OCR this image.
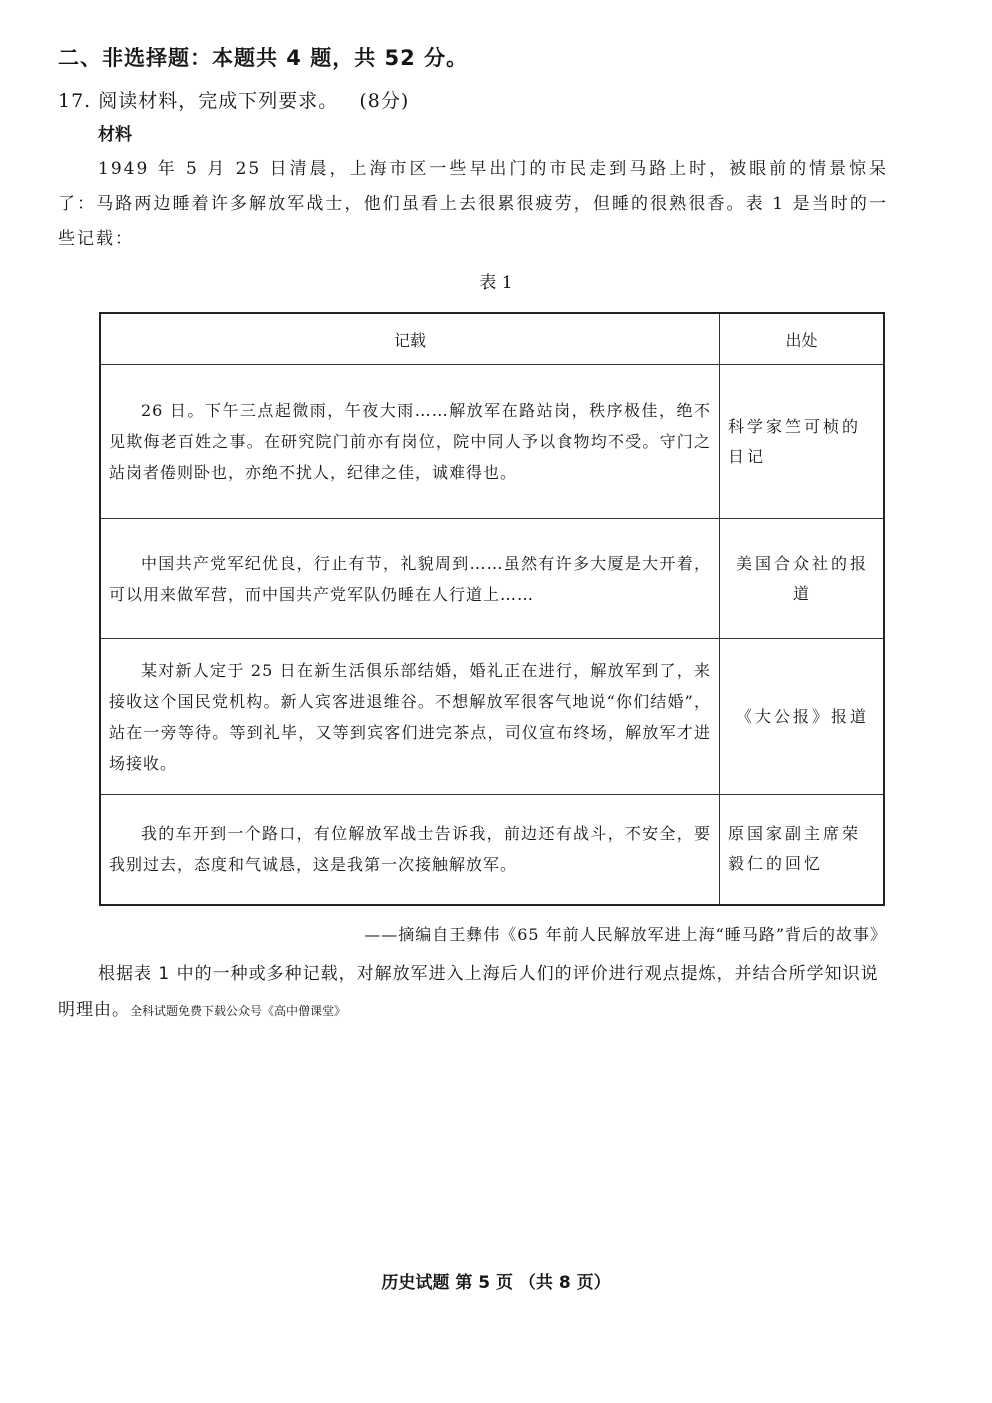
二、非选择题：本题共 4 题，共 52 分。
17. 阅读材料，完成下列要求。 (8分)
材料
1949 年 5 月 25 日清晨，上海市区一些早出门的市民走到马路上时，被眼前的情景惊呆了：马路两边睡着许多解放军战士，他们虽看上去很累很疲劳，但睡的很熟很香。表 1 是当时的一些记载：
表 1
记载	出处
26 日。下午三点起微雨，午夜大雨……解放军在路站岗，秩序极佳，绝不见欺侮老百姓之事。在研究院门前亦有岗位，院中同人予以食物均不受。守门之站岗者倦则卧也，亦绝不扰人，纪律之佳，诚难得也。	科学家竺可桢的日记
中国共产党军纪优良，行止有节，礼貌周到……虽然有许多大厦是大开着，可以用来做军营，而中国共产党军队仍睡在人行道上……	美国合众社的报道
某对新人定于 25 日在新生活俱乐部结婚，婚礼正在进行，解放军到了，来接收这个国民党机构。新人宾客进退维谷。不想解放军很客气地说“你们结婚”，站在一旁等待。等到礼毕，又等到宾客们进完茶点，司仪宣布终场，解放军才进场接收。	《大公报》报道
我的车开到一个路口，有位解放军战士告诉我，前边还有战斗，不安全，要我别过去，态度和气诚恳，这是我第一次接触解放军。	原国家副主席荣毅仁的回忆
——摘编自王彝伟《65 年前人民解放军进上海“睡马路”背后的故事》
根据表 1 中的一种或多种记载，对解放军进入上海后人们的评价进行观点提炼，并结合所学知识说明理由。全科试题免费下载公众号《高中僧课堂》
历史试题 第 5 页 （共 8 页）
